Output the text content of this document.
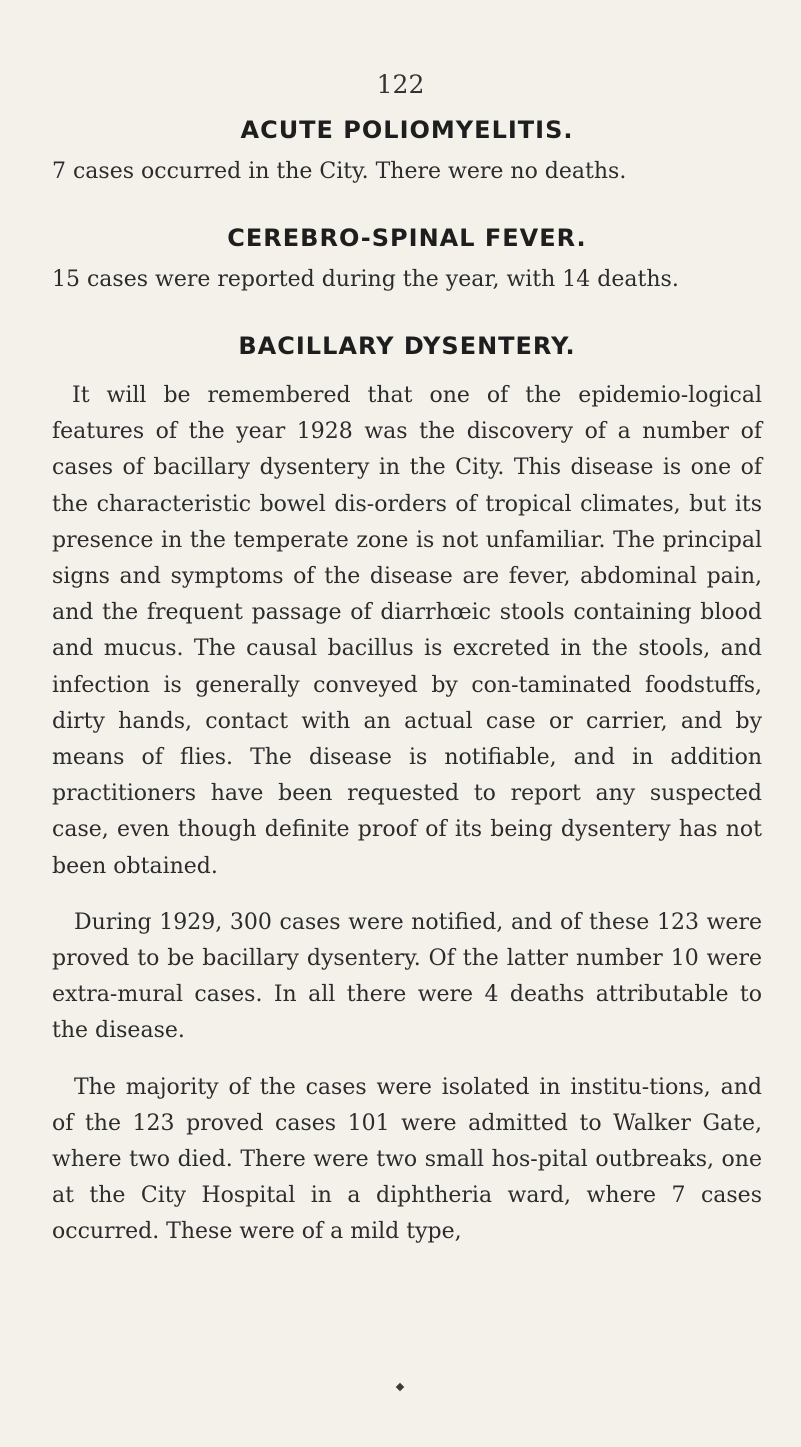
122
ACUTE POLIOMYELITIS.

7 cases occurred in the City. There were no deaths.

CEREBRO-SPINAL FEVER.

15 cases were reported during the year, with 14 deaths.

BACILLARY DYSENTERY.

It will be remembered that one of the epidemio-logical features of the year 1928 was the discovery of a number of cases of bacillary dysentery in the City. This disease is one of the characteristic bowel dis-orders of tropical climates, but its presence in the temperate zone is not unfamiliar. The principal signs and symptoms of the disease are fever, abdominal pain, and the frequent passage of diarrhœic stools containing blood and mucus. The causal bacillus is excreted in the stools, and infection is generally conveyed by con-taminated foodstuffs, dirty hands, contact with an actual case or carrier, and by means of flies. The disease is notifiable, and in addition practitioners have been requested to report any suspected case, even though definite proof of its being dysentery has not been obtained.

During 1929, 300 cases were notified, and of these 123 were proved to be bacillary dysentery. Of the latter number 10 were extra-mural cases. In all there were 4 deaths attributable to the disease.

The majority of the cases were isolated in institu-tions, and of the 123 proved cases 101 were admitted to Walker Gate, where two died. There were two small hos-pital outbreaks, one at the City Hospital in a diphtheria ward, where 7 cases occurred. These were of a mild type,
